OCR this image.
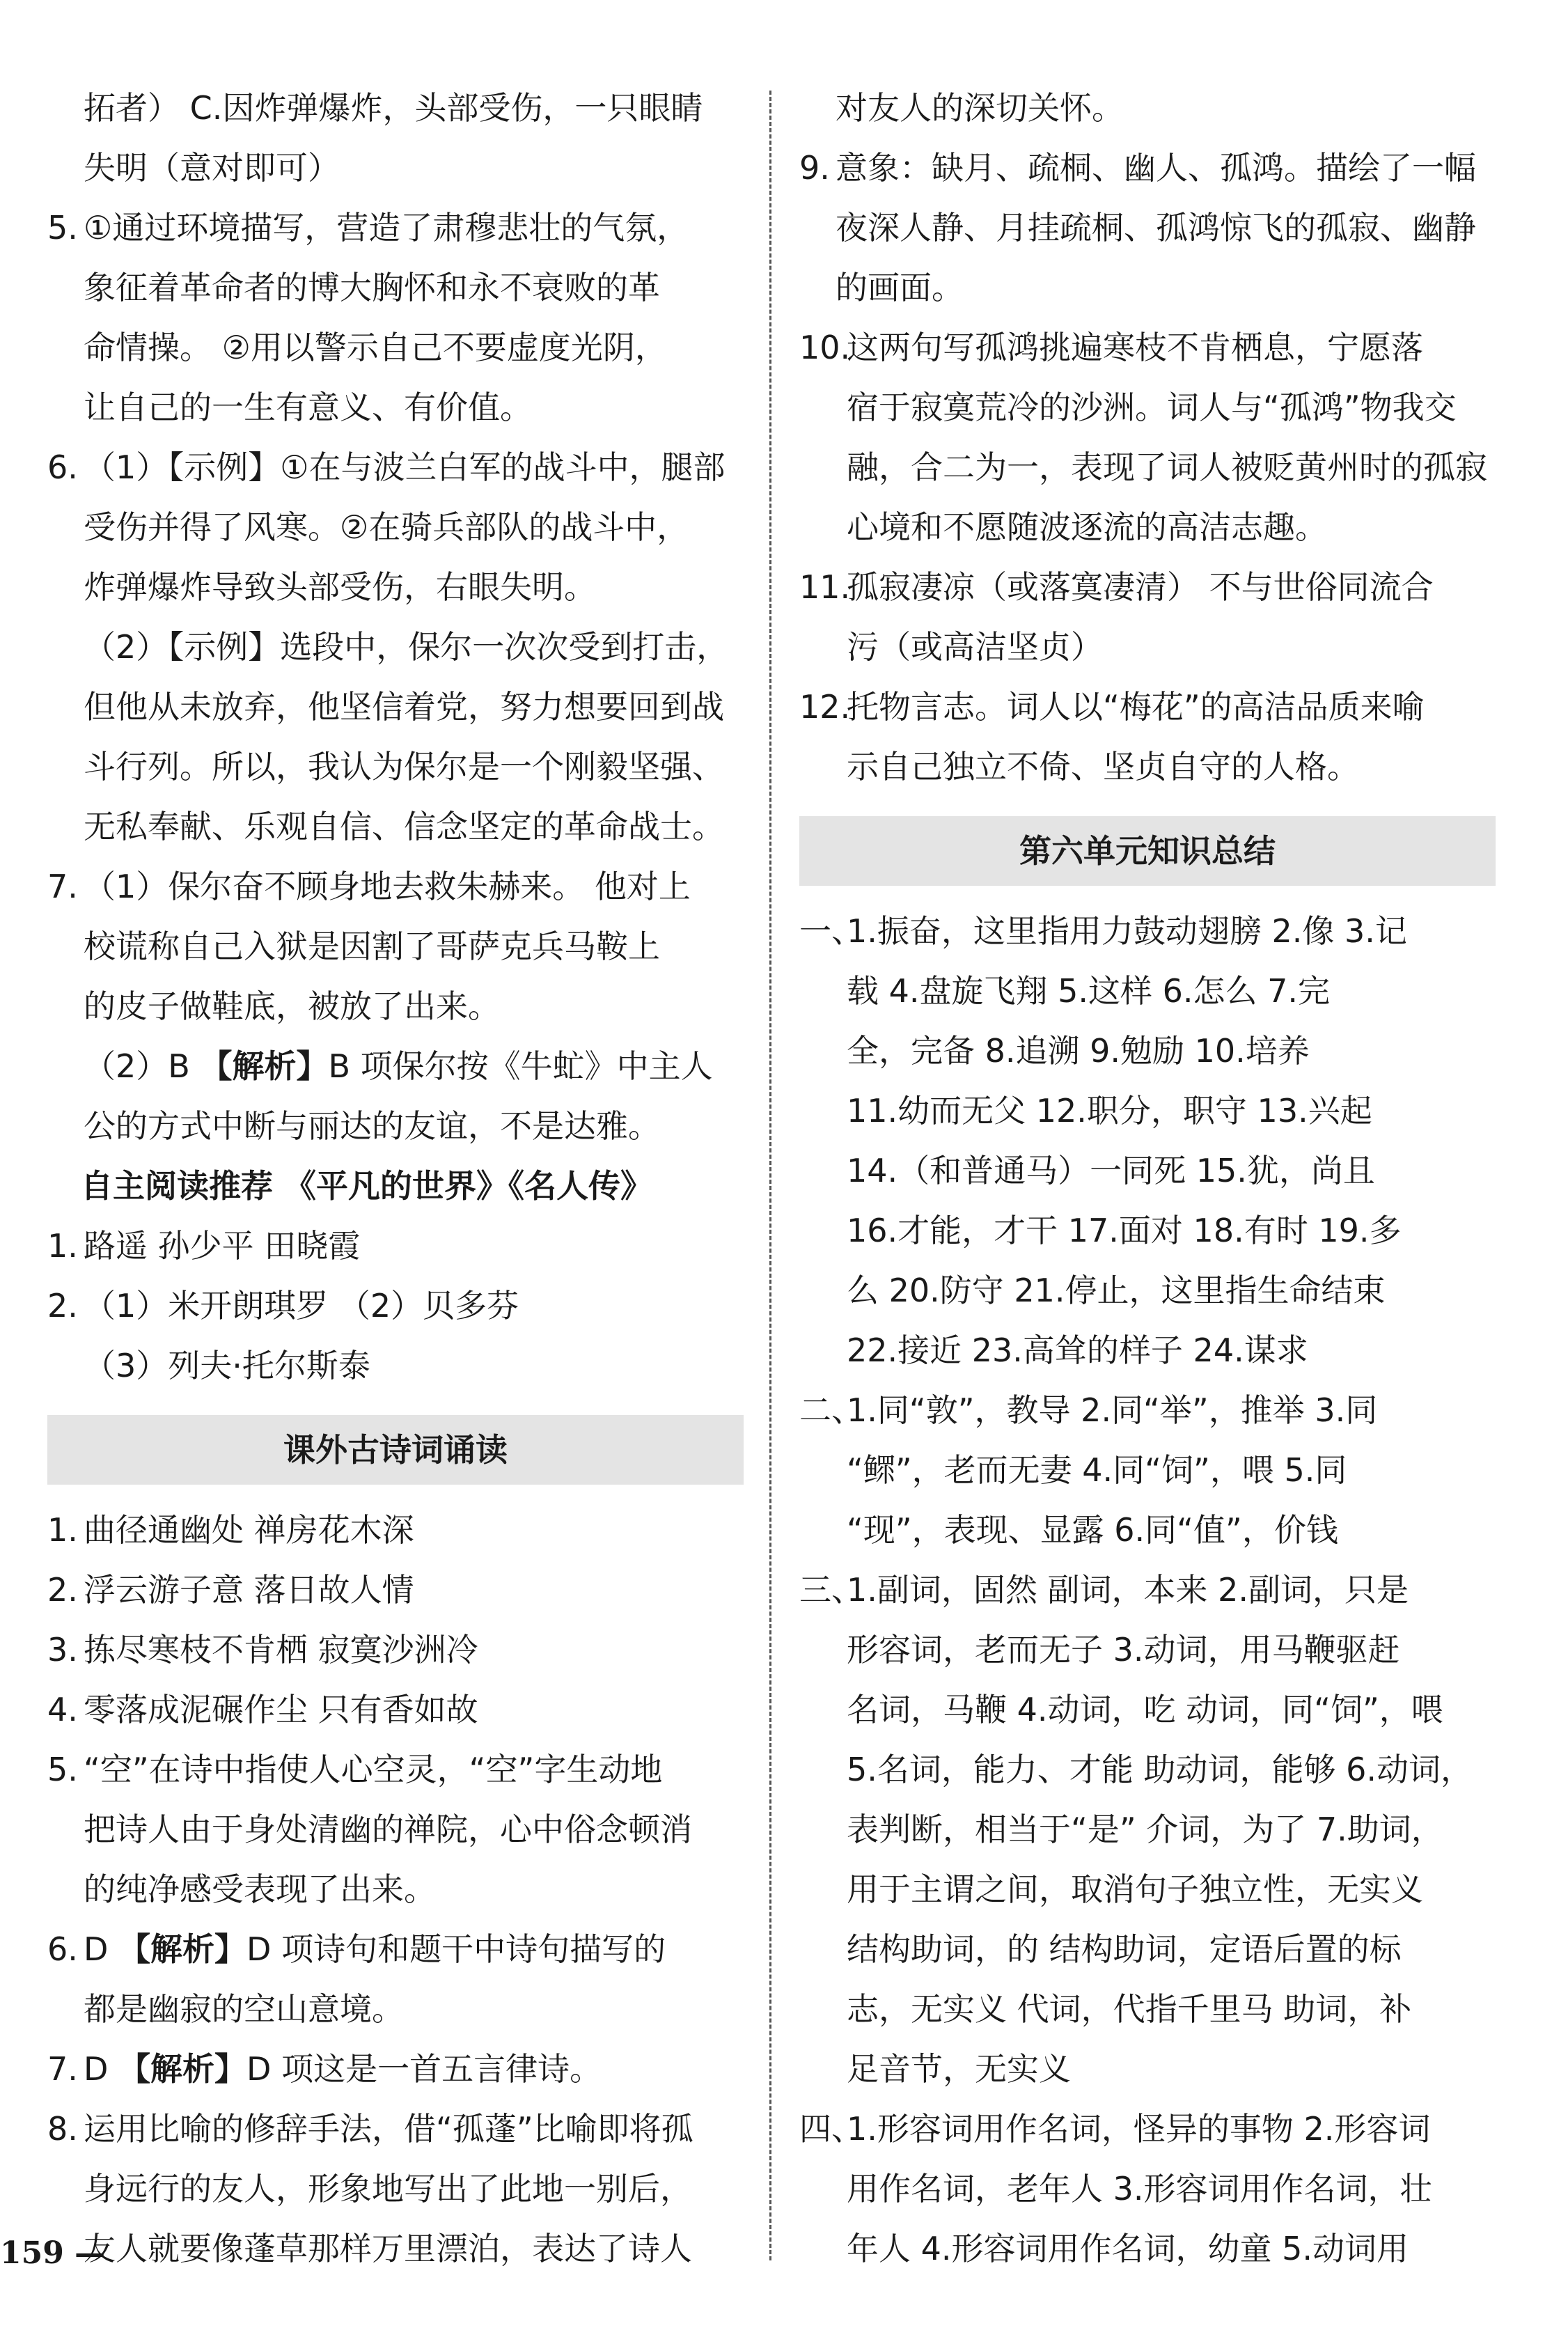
拓者） C.因炸弹爆炸，头部受伤，一只眼睛
失明（意对即可）
5. ①通过环境描写，营造了肃穆悲壮的气氛，
象征着革命者的博大胸怀和永不衰败的革
命情操。 ②用以警示自己不要虚度光阴，
让自己的一生有意义、有价值。
6. （1）【示例】①在与波兰白军的战斗中，腿部
受伤并得了风寒。②在骑兵部队的战斗中，
炸弹爆炸导致头部受伤，右眼失明。
（2）【示例】选段中，保尔一次次受到打击，
但他从未放弃，他坚信着党，努力想要回到战
斗行列。所以，我认为保尔是一个刚毅坚强、
无私奉献、乐观自信、信念坚定的革命战士。
7. （1）保尔奋不顾身地去救朱赫来。 他对上
校谎称自己入狱是因割了哥萨克兵马鞍上
的皮子做鞋底，被放了出来。
（2）B 【解析】B 项保尔按《牛虻》中主人
公的方式中断与丽达的友谊，不是达雅。
自主阅读推荐 《平凡的世界》《名人传》
1. 路遥 孙少平 田晓霞
2. （1）米开朗琪罗 （2）贝多芬
（3）列夫·托尔斯泰
课外古诗词诵读
1. 曲径通幽处 禅房花木深
2. 浮云游子意 落日故人情
3. 拣尽寒枝不肯栖 寂寞沙洲冷
4. 零落成泥碾作尘 只有香如故
5. “空”在诗中指使人心空灵，“空”字生动地
把诗人由于身处清幽的禅院，心中俗念顿消
的纯净感受表现了出来。
6. D 【解析】D 项诗句和题干中诗句描写的
都是幽寂的空山意境。
7. D 【解析】D 项这是一首五言律诗。
8. 运用比喻的修辞手法，借“孤蓬”比喻即将孤
身远行的友人，形象地写出了此地一别后，
友人就要像蓬草那样万里漂泊，表达了诗人
对友人的深切关怀。
9. 意象：缺月、疏桐、幽人、孤鸿。描绘了一幅
夜深人静、月挂疏桐、孤鸿惊飞的孤寂、幽静
的画面。
10.
这两句写孤鸿挑遍寒枝不肯栖息，宁愿落
宿于寂寞荒冷的沙洲。词人与“孤鸿”物我交
融，合二为一，表现了词人被贬黄州时的孤寂
心境和不愿随波逐流的高洁志趣。
11.
孤寂凄凉（或落寞凄清） 不与世俗同流合
污（或高洁坚贞）
12.
托物言志。词人以“梅花”的高洁品质来喻
示自己独立不倚、坚贞自守的人格。
第六单元知识总结
一、
1.振奋，这里指用力鼓动翅膀 2.像 3.记
载 4.盘旋飞翔 5.这样 6.怎么 7.完
全，完备 8.追溯 9.勉励 10.培养
11.幼而无父 12.职分，职守 13.兴起
14.（和普通马）一同死 15.犹，尚且
16.才能，才干 17.面对 18.有时 19.多
么 20.防守 21.停止，这里指生命结束
22.接近 23.高耸的样子 24.谋求
二、
1.同“敦”，教导 2.同“举”，推举 3.同
“鳏”，老而无妻 4.同“饲”，喂 5.同
“现”，表现、显露 6.同“值”，价钱
三、
1.副词，固然 副词，本来 2.副词，只是
形容词，老而无子 3.动词，用马鞭驱赶
名词，马鞭 4.动词，吃 动词，同“饲”，喂
5.名词，能力、才能 助动词，能够 6.动词，
表判断，相当于“是” 介词，为了 7.助词，
用于主谓之间，取消句子独立性，无实义
结构助词，的 结构助词，定语后置的标
志，无实义 代词，代指千里马 助词，补
足音节，无实义
四、
1.形容词用作名词，怪异的事物 2.形容词
用作名词，老年人 3.形容词用作名词，壮
年人 4.形容词用作名词，幼童 5.动词用
159 —
